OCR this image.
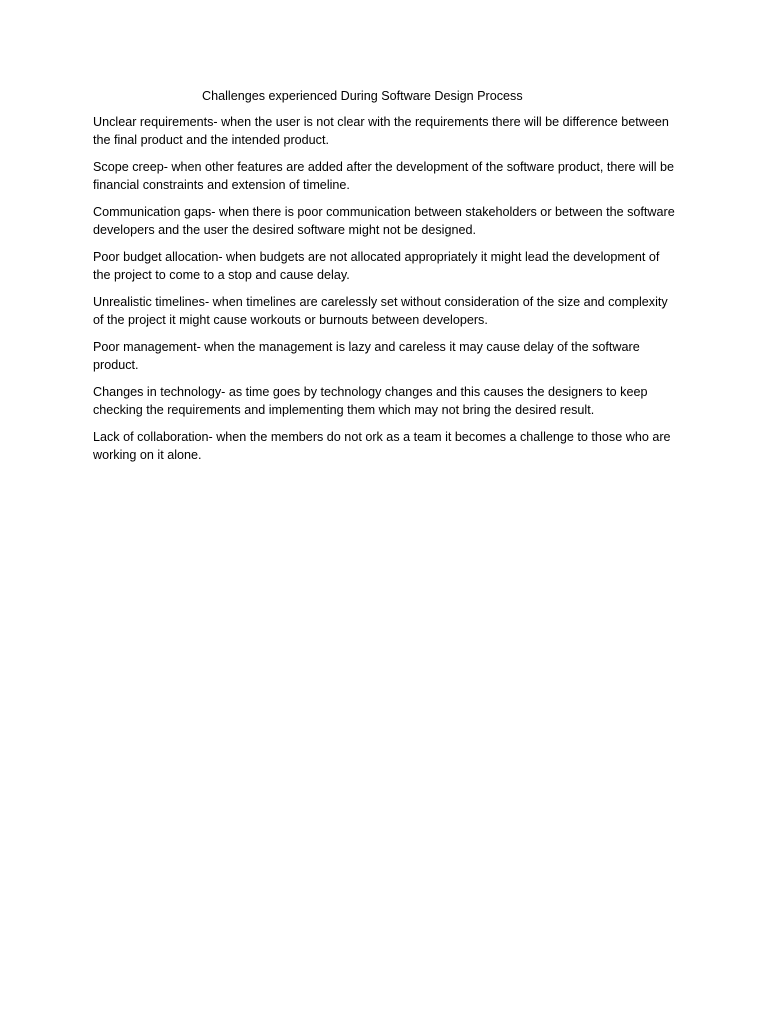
Challenges experienced During Software Design Process

Unclear requirements- when the user is not clear with the requirements there will be difference between the final product and the intended product.

Scope creep- when other features are added after the development of the software product, there will be financial constraints and extension of timeline.

Communication gaps- when there is poor communication between stakeholders or between the software developers and the user the desired software might not be designed.

Poor budget allocation- when budgets are not allocated appropriately it might lead the development of the project to come to a stop and cause delay.

Unrealistic timelines- when timelines are carelessly set without consideration of the size and complexity of the project it might cause workouts or burnouts between developers.

Poor management- when the management is lazy and careless it may cause delay of the software product.

Changes in technology- as time goes by technology changes and this causes the designers to keep checking the requirements and implementing them which may not bring the desired result.

Lack of collaboration- when the members do not ork as a team it becomes a challenge to those who are working on it alone.
